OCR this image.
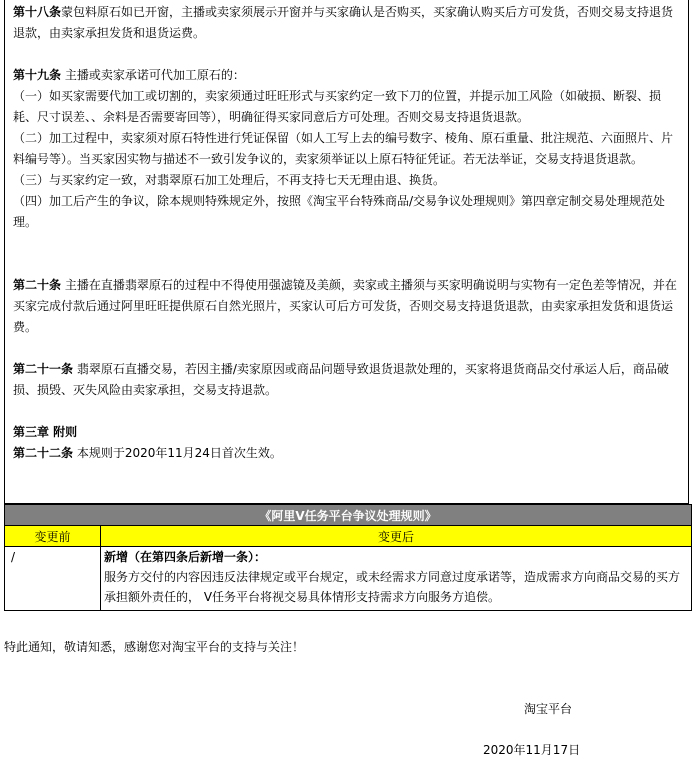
第十八条蒙包料原石如已开窗，主播或卖家须展示开窗并与买家确认是否购买，买家确认购买后方可发货，否则交易支持退货退款，由卖家承担发货和退货运费。

第十九条 主播或卖家承诺可代加工原石的：
（一）如买家需要代加工或切割的，卖家须通过旺旺形式与买家约定一致下刀的位置，并提示加工风险（如破损、断裂、损耗、尺寸误差、、余料是否需要寄回等），明确征得买家同意后方可处理。否则交易支持退货退款。
（二）加工过程中，卖家须对原石特性进行凭证保留（如人工写上去的编号数字、棱角、原石重量、批注规范、六面照片、片料编号等）。当买家因实物与描述不一致引发争议的，卖家须举证以上原石特征凭证。若无法举证，交易支持退货退款。
（三）与买家约定一致，对翡翠原石加工处理后，不再支持七天无理由退、换货。
（四）加工后产生的争议，除本规则特殊规定外，按照《淘宝平台特殊商品/交易争议处理规则》第四章定制交易处理规范处理。

第二十条 主播在直播翡翠原石的过程中不得使用强滤镜及美颜，卖家或主播须与买家明确说明与实物有一定色差等情况，并在买家完成付款后通过阿里旺旺提供原石自然光照片，买家认可后方可发货，否则交易支持退货退款，由卖家承担发货和退货运费。

第二十一条 翡翠原石直播交易，若因主播/卖家原因或商品问题导致退货退款处理的，买家将退货商品交付承运人后，商品破损、损毁、灭失风险由卖家承担，交易支持退款。

第三章 附则
第二十二条 本规则于2020年11月24日首次生效。

《阿里V任务平台争议处理规则》	
变更前	变更后
/	新增（在第四条后新增一条）：
服务方交付的内容因违反法律规定或平台规定，或未经需求方同意过度承诺等，造成需求方向商品交易的买方承担额外责任的， V任务平台将视交易具体情形支持需求方向服务方追偿。
特此通知，敬请知悉，感谢您对淘宝平台的支持与关注！
淘宝平台
2020年11月17日
